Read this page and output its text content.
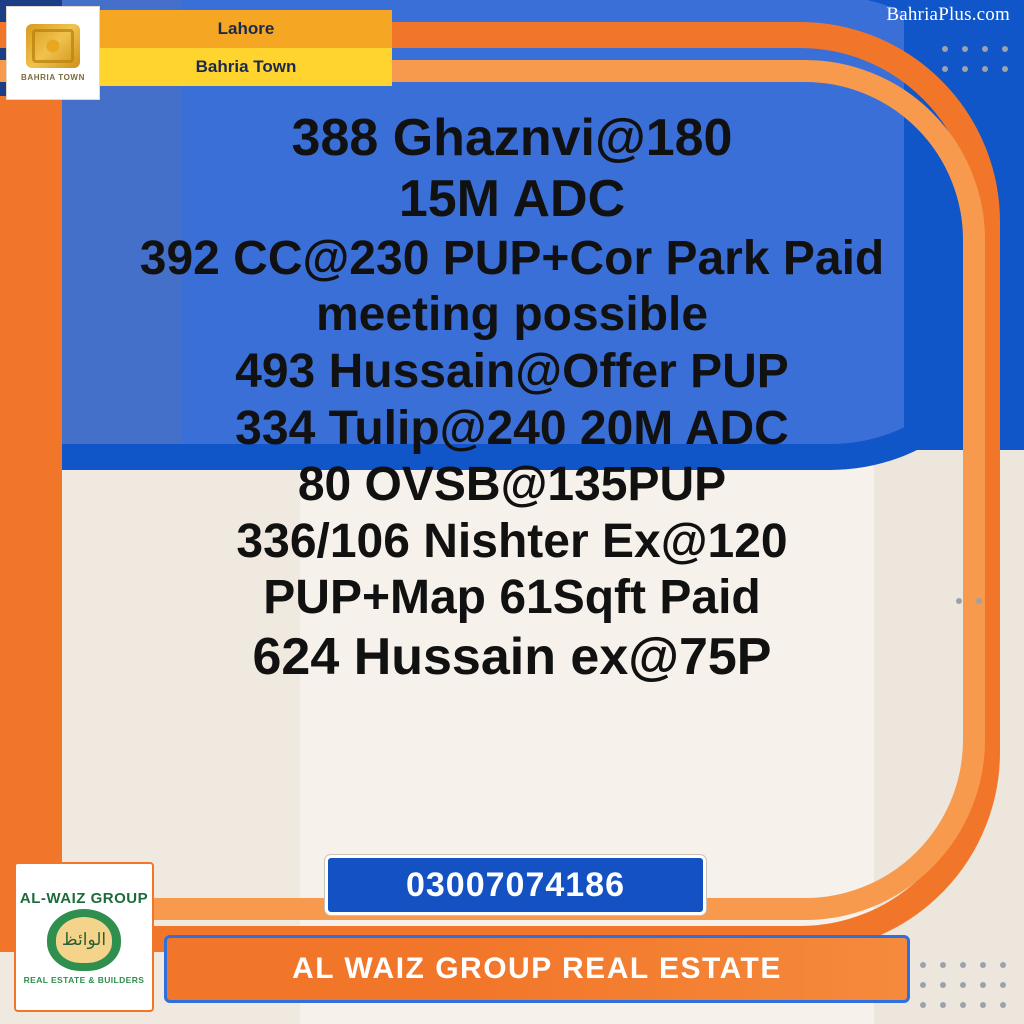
BahriaPlus.com
BAHRIA TOWN
Lahore
Bahria Town
388 Ghaznvi@180
15M ADC
392 CC@230 PUP+Cor Park Paid
meeting possible
493 Hussain@Offer PUP
334 Tulip@240 20M ADC
80 OVSB@135PUP
336/106 Nishter Ex@120
PUP+Map 61Sqft Paid
624 Hussain ex@75P
03007074186
AL-WAIZ GROUP
الوائظ
REAL ESTATE & BUILDERS	AL WAIZ GROUP REAL ESTATE
